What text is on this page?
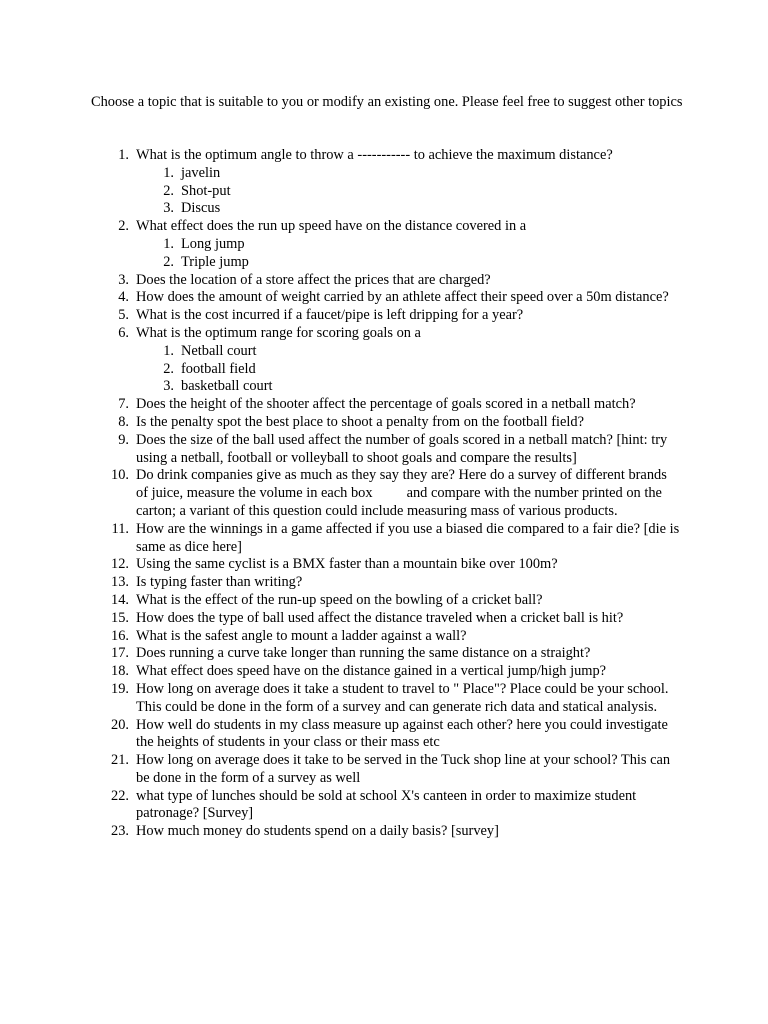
Choose a topic that is suitable to you or modify an existing one. Please feel free to suggest other topics

1. What is the optimum angle to throw a ----------- to achieve the maximum distance?
1. javelin
2. Shot-put
3. Discus
2. What effect does the run up speed have on the distance covered in a
1. Long jump
2. Triple jump
3. Does the location of a store affect the prices that are charged?
4. How does the amount of weight carried by an athlete affect their speed over a 50m distance?
5. What is the cost incurred if a faucet/pipe is left dripping for a year?
6. What is the optimum range for scoring goals on a
1. Netball court
2. football field
3. basketball court
7. Does the height of the shooter affect the percentage of goals scored in a netball match?
8. Is the penalty spot the best place to shoot a penalty from on the football field?
9. Does the size of the ball used affect the number of goals scored in a netball match? [hint: try using a netball, football or volleyball to shoot goals and compare the results]
10. Do drink companies give as much as they say they are? Here do a survey of different brands of juice, measure the volume in each box and compare with the number printed on the carton; a variant of this question could include measuring mass of various products.
11. How are the winnings in a game affected if you use a biased die compared to a fair die? [die is same as dice here]
12. Using the same cyclist is a BMX faster than a mountain bike over 100m?
13. Is typing faster than writing?
14. What is the effect of the run-up speed on the bowling of a cricket ball?
15. How does the type of ball used affect the distance traveled when a cricket ball is hit?
16. What is the safest angle to mount a ladder against a wall?
17. Does running a curve take longer than running the same distance on a straight?
18. What effect does speed have on the distance gained in a vertical jump/high jump?
19. How long on average does it take a student to travel to " Place"? Place could be your school. This could be done in the form of a survey and can generate rich data and statical analysis.
20. How well do students in my class measure up against each other? here you could investigate the heights of students in your class or their mass etc
21. How long on average does it take to be served in the Tuck shop line at your school? This can be done in the form of a survey as well
22. what type of lunches should be sold at school X's canteen in order to maximize student patronage? [Survey]
23. How much money do students spend on a daily basis? [survey]
